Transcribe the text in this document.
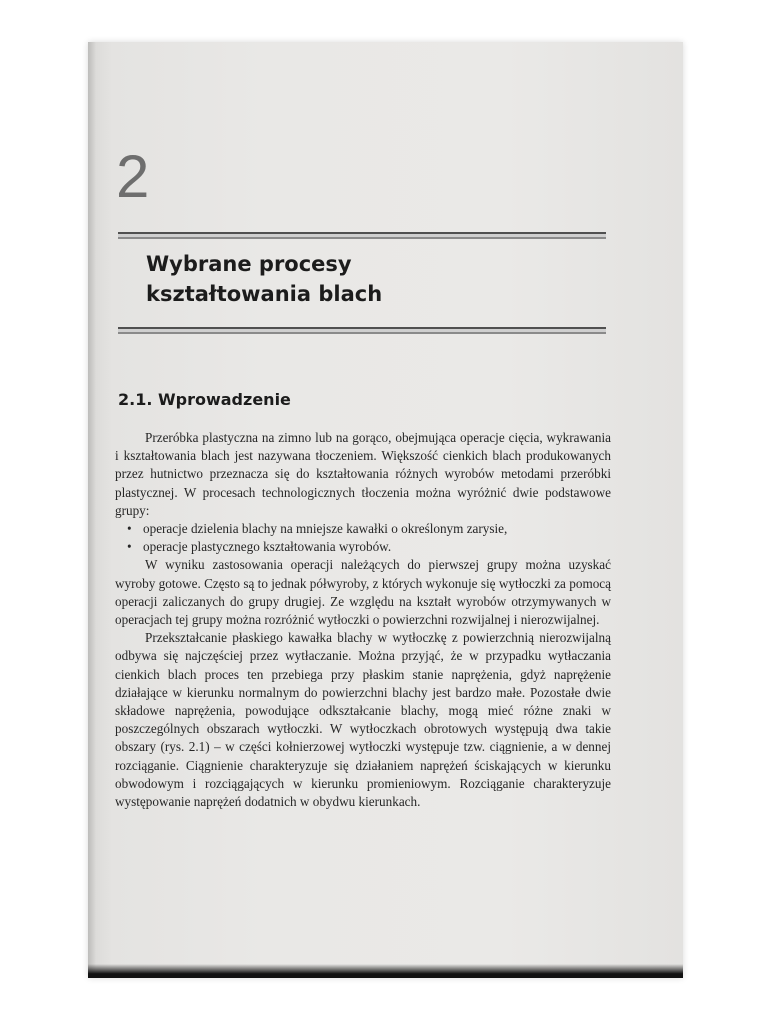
2
Wybrane procesy
kształtowania blach
2.1. Wprowadzenie

Przeróbka plastyczna na zimno lub na gorąco, obejmująca operacje cięcia, wykrawania i kształtowania blach jest nazywana tłoczeniem. Większość cienkich blach produkowanych przez hutnictwo przeznacza się do kształtowania różnych wyrobów metodami przeróbki plastycznej. W procesach technologicznych tłoczenia można wyróżnić dwie podstawowe grupy:

• operacje dzielenia blachy na mniejsze kawałki o określonym zarysie,
• operacje plastycznego kształtowania wyrobów.

W wyniku zastosowania operacji należących do pierwszej grupy można uzyskać wyroby gotowe. Często są to jednak półwyroby, z których wykonuje się wytłoczki za pomocą operacji zaliczanych do grupy drugiej. Ze względu na kształt wyrobów otrzymywanych w operacjach tej grupy można rozróżnić wytłoczki o powierzchni rozwijalnej i nierozwijalnej.

Przekształcanie płaskiego kawałka blachy w wytłoczkę z powierzchnią nierozwijalną odbywa się najczęściej przez wytłaczanie. Można przyjąć, że w przypadku wytłaczania cienkich blach proces ten przebiega przy płaskim stanie naprężenia, gdyż naprężenie działające w kierunku normalnym do powierzchni blachy jest bardzo małe. Pozostałe dwie składowe naprężenia, powodujące odkształcanie blachy, mogą mieć różne znaki w poszczególnych obszarach wytłoczki. W wytłoczkach obrotowych występują dwa takie obszary (rys. 2.1) – w części kołnierzowej wytłoczki występuje tzw. ciągnienie, a w dennej rozciąganie. Ciągnienie charakteryzuje się działaniem naprężeń ściskających w kierunku obwodowym i rozciągających w kierunku promieniowym. Rozciąganie charakteryzuje występowanie naprężeń dodatnich w obydwu kierunkach.
